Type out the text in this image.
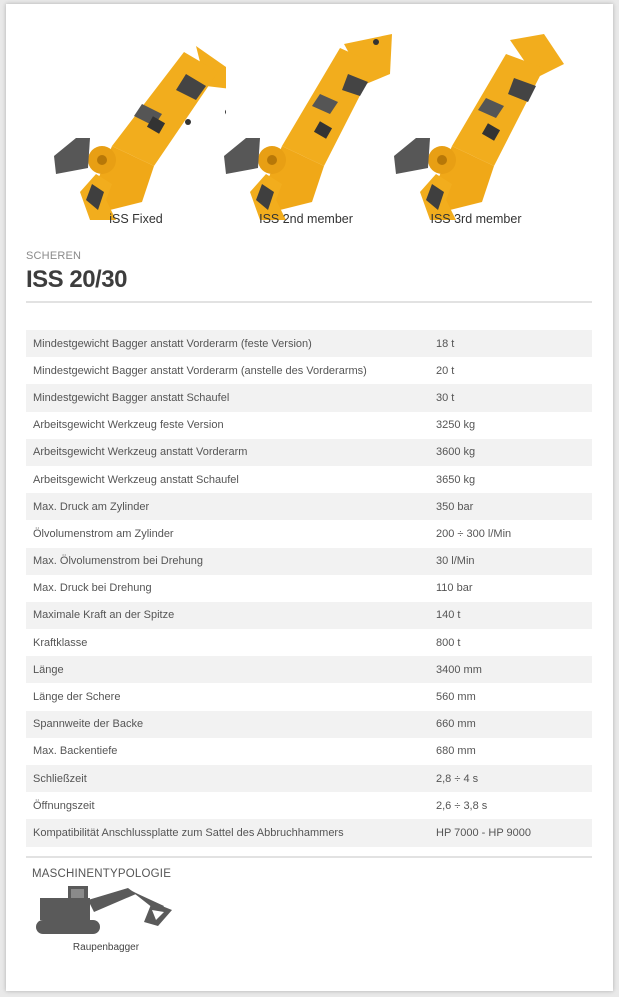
iSS Fixed	ISS 2nd member	ISS 3rd member
SCHEREN
ISS 20/30
Mindestgewicht Bagger anstatt Vorderarm (feste Version)	18 t
Mindestgewicht Bagger anstatt Vorderarm (anstelle des Vorderarms)	20 t
Mindestgewicht Bagger anstatt Schaufel	30 t
Arbeitsgewicht Werkzeug feste Version	3250 kg
Arbeitsgewicht Werkzeug anstatt Vorderarm	3600 kg
Arbeitsgewicht Werkzeug anstatt Schaufel	3650 kg
Max. Druck am Zylinder	350 bar
Ölvolumenstrom am Zylinder	200 ÷ 300 l/Min
Max. Ölvolumenstrom bei Drehung	30 l/Min
Max. Druck bei Drehung	110 bar
Maximale Kraft an der Spitze	140 t
Kraftklasse	800 t
Länge	3400 mm
Länge der Schere	560 mm
Spannweite der Backe	660 mm
Max. Backentiefe	680 mm
Schließzeit	2,8 ÷ 4 s
Öffnungszeit	2,6 ÷ 3,8 s
Kompatibilität Anschlussplatte zum Sattel des Abbruchhammers	HP 7000 - HP 9000
MASCHINENTYPOLOGIE
Raupenbagger
